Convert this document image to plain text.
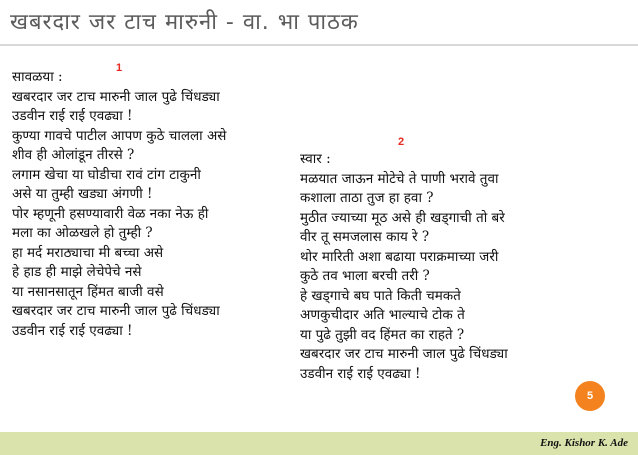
खबरदार जर टाच मारुनी - वा. भा पाठक
1
सावळया :
खबरदार जर टाच मारुनी जाल पुढे चिंधड्या
उडवीन राई राई एवढ्या !
कुण्या गावचे पाटील आपण कुठे चालला असे
शीव ही ओलांडून तीरसे ?
लगाम खेचा या घोडीचा रावं टांग टाकुनी
असे या तुम्ही खड्या अंगणी !
पोर म्हणूनी हसण्यावारी वेळ नका नेऊ ही
मला का ओळखले हो तुम्ही ?
हा मर्द मराठ्याचा मी बच्चा असे
हे हाड ही माझे लेचेपेचे नसे
या नसानसातून हिंमत बाजी वसे
खबरदार जर टाच मारुनी जाल पुढे चिंधड्या
उडवीन राई राई एवढ्या !
2
स्वार :
मळयात जाऊन मोटेचे ते पाणी भरावे तुवा
कशाला ताठा तुज हा हवा ?
मुठीत ज्याच्या मूठ असे ही खड्गाची तो बरे
वीर तू समजलास काय रे ?
थोर मारिती अशा बढाया पराक्रमाच्या जरी
कुठे तव भाला बरची तरी ?
हे खड्गाचे बघ पाते किती चमकते
अणकुचीदार अति भाल्याचे टोक ते
या पुढे तुझी वद हिंमत का राहते ?
खबरदार जर टाच मारुनी जाल पुढे चिंधड्या
उडवीन राई राई एवढ्या !
5
Eng. Kishor K. Ade
